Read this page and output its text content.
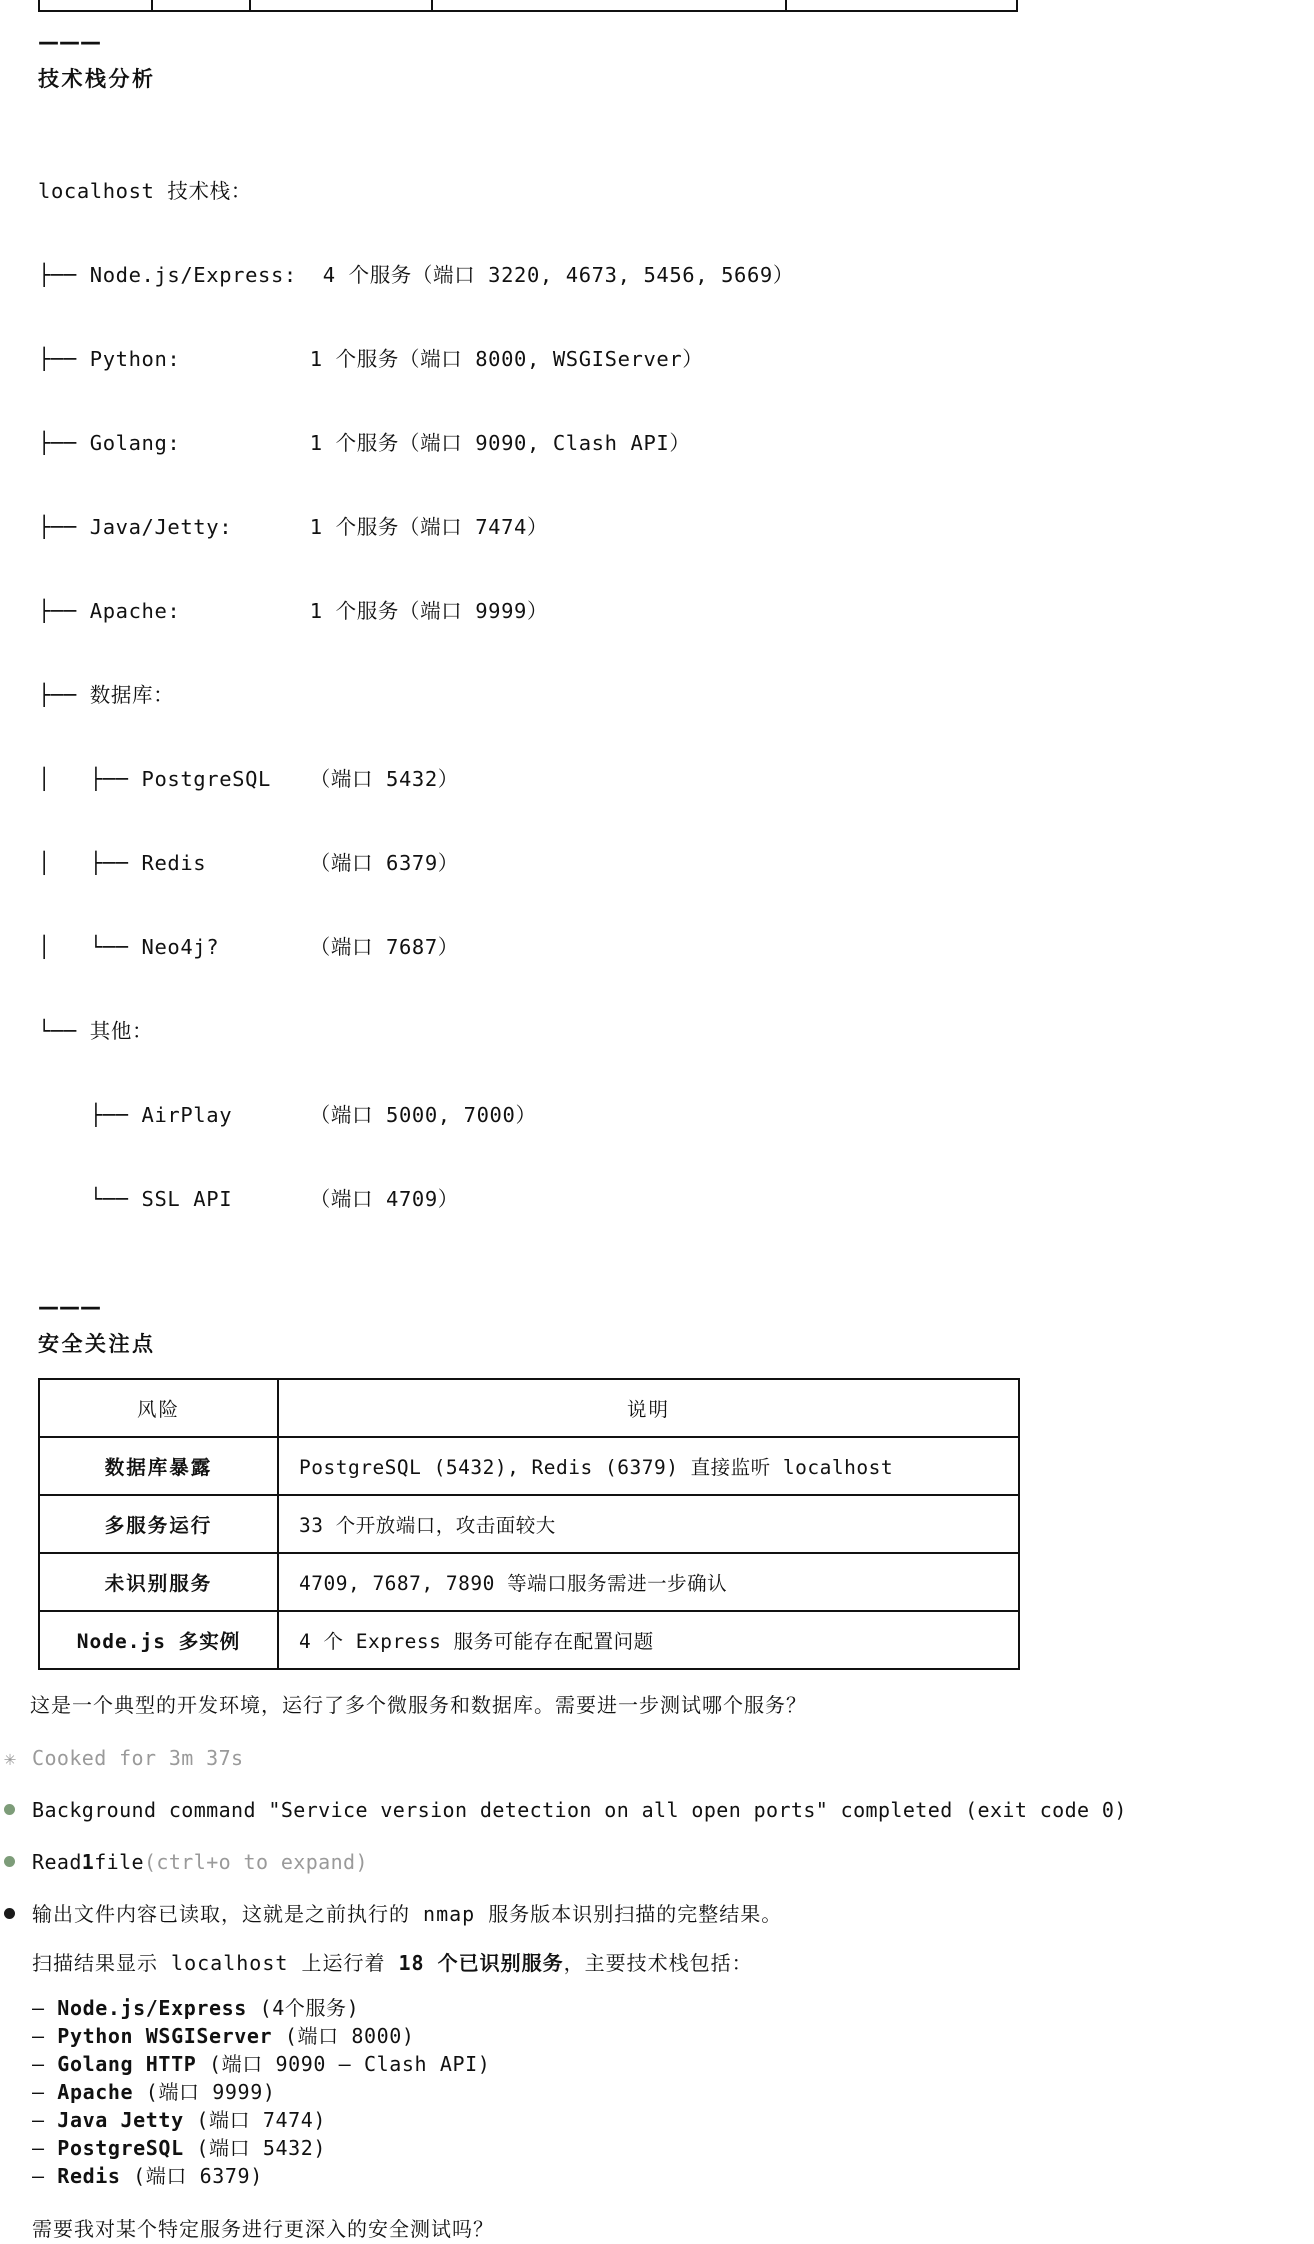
———
技术栈分析

localhost 技术栈：

├── Node.js/Express:  4 个服务（端口 3220, 4673, 5456, 5669）

├── Python:          1 个服务（端口 8000, WSGIServer）

├── Golang:          1 个服务（端口 9090, Clash API）

├── Java/Jetty:      1 个服务（端口 7474）

├── Apache:          1 个服务（端口 9999）

├── 数据库：

│   ├── PostgreSQL   （端口 5432）

│   ├── Redis        （端口 6379）

│   └── Neo4j?       （端口 7687）

└── 其他：

├── AirPlay      （端口 5000, 7000）

└── SSL API      （端口 4709）

———
安全关注点
风险	说明
数据库暴露	PostgreSQL (5432), Redis (6379) 直接监听 localhost
多服务运行	33 个开放端口，攻击面较大
未识别服务	4709, 7687, 7890 等端口服务需进一步确认
Node.js 多实例	4 个 Express 服务可能存在配置问题
这是一个典型的开发环境，运行了多个微服务和数据库。需要进一步测试哪个服务？
✳ Cooked for 3m 37s
Background command "Service version detection on all open ports" completed (exit code 0)
Read 1 file (ctrl+o to expand)
输出文件内容已读取，这就是之前执行的 nmap 服务版本识别扫描的完整结果。
扫描结果显示 localhost 上运行着 18 个已识别服务，主要技术栈包括：
– Node.js/Express (4个服务)
– Python WSGIServer (端口 8000)
– Golang HTTP (端口 9090 – Clash API)
– Apache (端口 9999)
– Java Jetty (端口 7474)
– PostgreSQL (端口 5432)
– Redis (端口 6379)
需要我对某个特定服务进行更深入的安全测试吗？
